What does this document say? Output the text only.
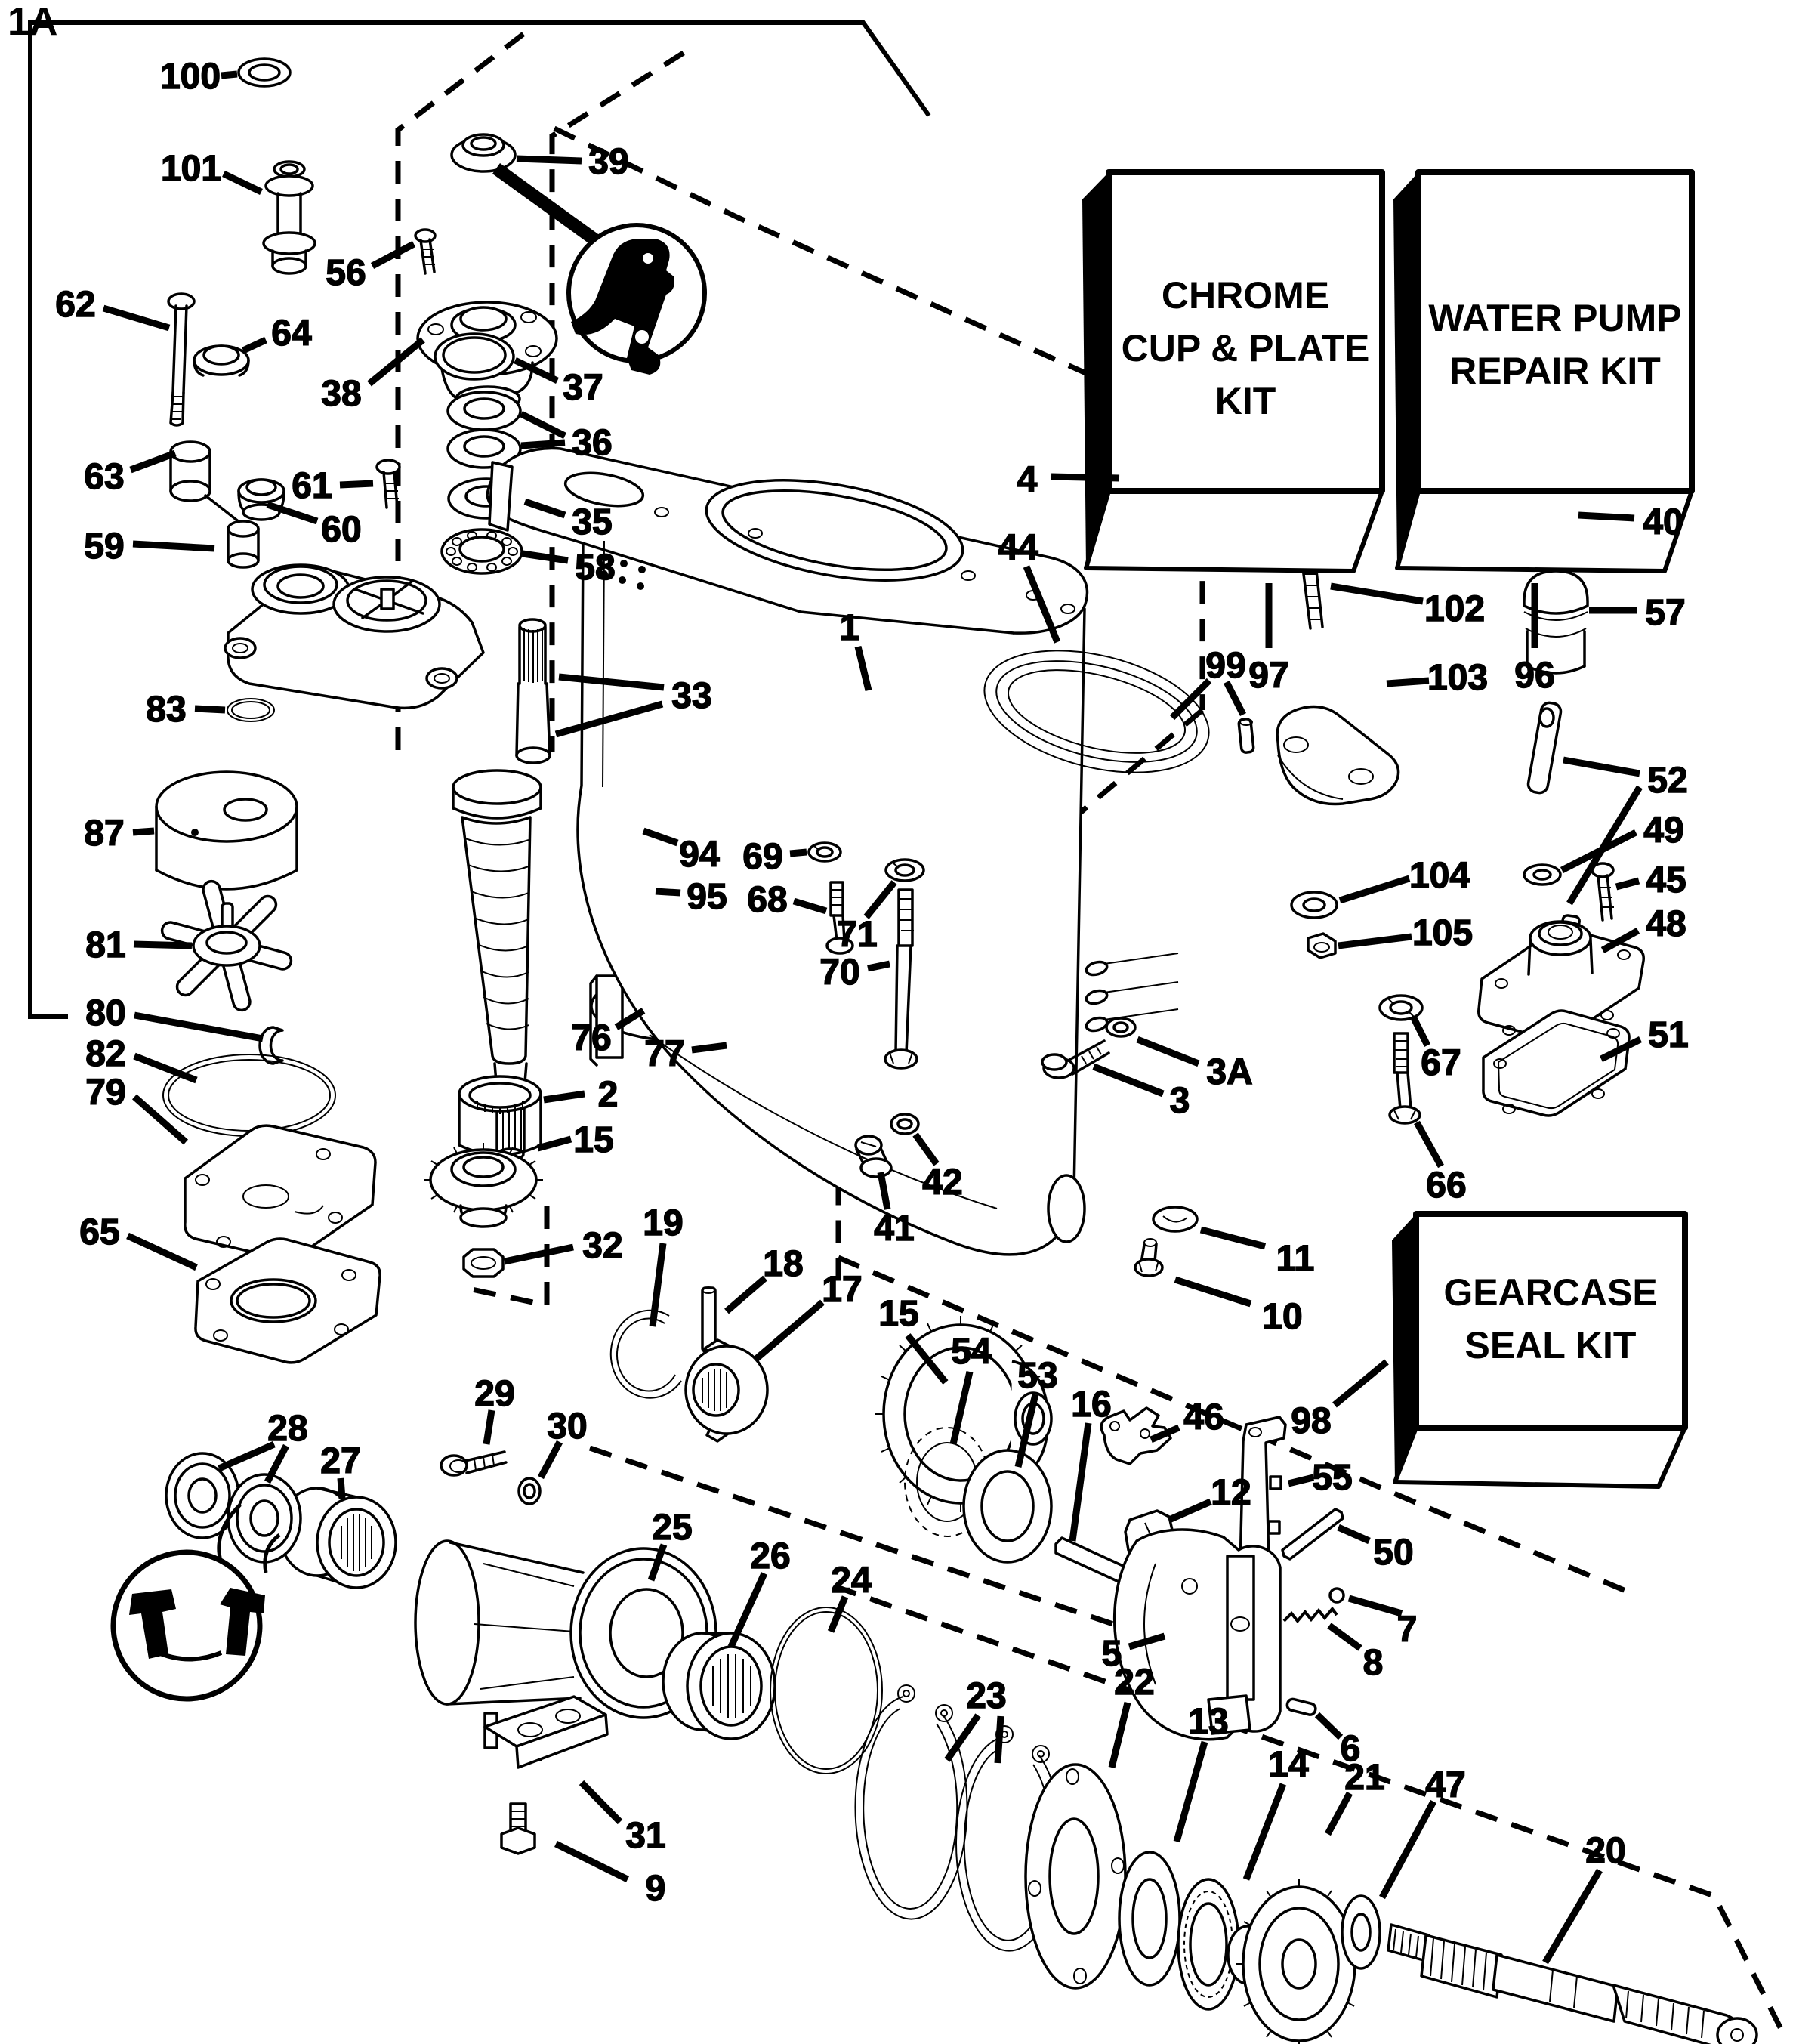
1A
CHROME
CUP & PLATE
KIT
WATER PUMP
REPAIR KIT
GEARCASE
SEAL KIT
100
101
62
64
56
63
39
38	37
36
35
58
61
60
59
83
87
81
80
82
79
65
33
94
95
76 77
2
15
32
19
18
17
15
54
53
16 46
12 55
50
7
8
5
6
10
11
98
3A
3
41
42
69
68
71
70
99
102
103
40
57
52
49
45
48
51
67
66
104
105
97	96
44
4
1
28
27
29
30
25
26
24
31
9
23	22
13
14 21 47
20
